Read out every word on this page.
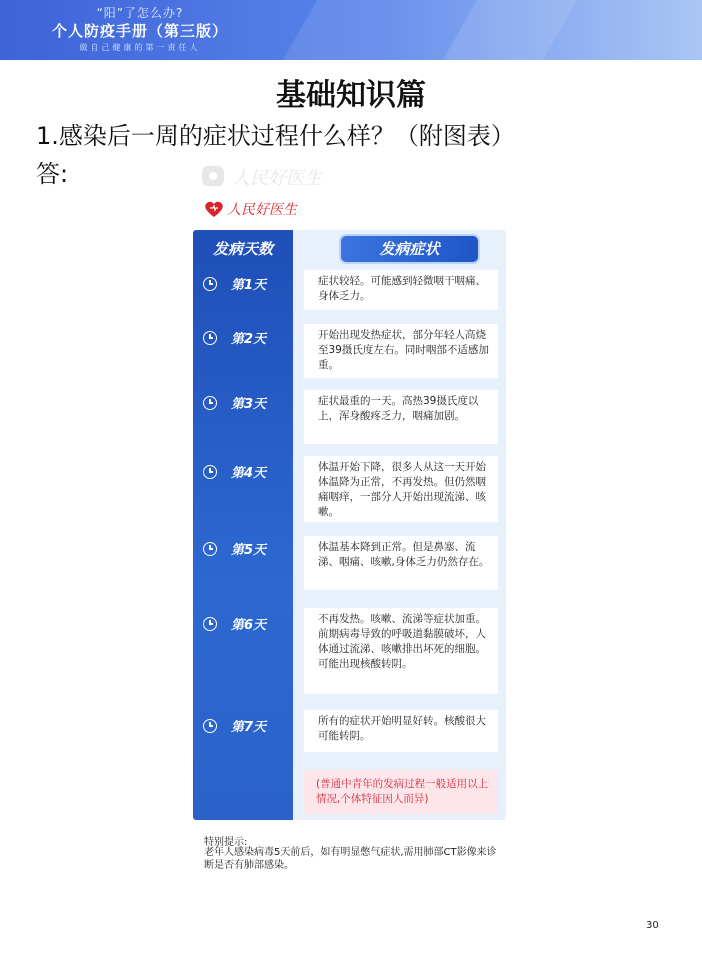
“阳”了怎么办?
个人防疫手册（第三版）
做自己健康的第一责任人
基础知识篇
1.感染后一周的症状过程什么样？（附图表）
答:	人民好医生
人民好医生
发病天数	发病症状
第1天	症状较轻。可能感到轻微咽干咽痛、身体乏力。
第2天	开始出现发热症状，部分年轻人高烧至39摄氏度左右。同时咽部不适感加重。
第3天	症状最重的一天。高热39摄氏度以上，浑身酸疼乏力，咽痛加剧。
第4天	体温开始下降，很多人从这一天开始体温降为正常，不再发热。但仍然咽痛咽痒，一部分人开始出现流涕、咳嗽。
第5天	体温基本降到正常。但是鼻塞、流涕、咽痛、咳嗽,身体乏力仍然存在。
第6天	不再发热。咳嗽、流涕等症状加重。前期病毒导致的呼吸道黏膜破坏，人体通过流涕、咳嗽排出坏死的细胞。可能出现核酸转阴。
第7天	所有的症状开始明显好转。核酸很大可能转阴。
(普通中青年的发病过程一般适用以上情况,个体特征因人而异)
特别提示:
老年人感染病毒5天前后，如有明显憋气症状,需用肺部CT影像来诊断是否有肺部感染。
30
